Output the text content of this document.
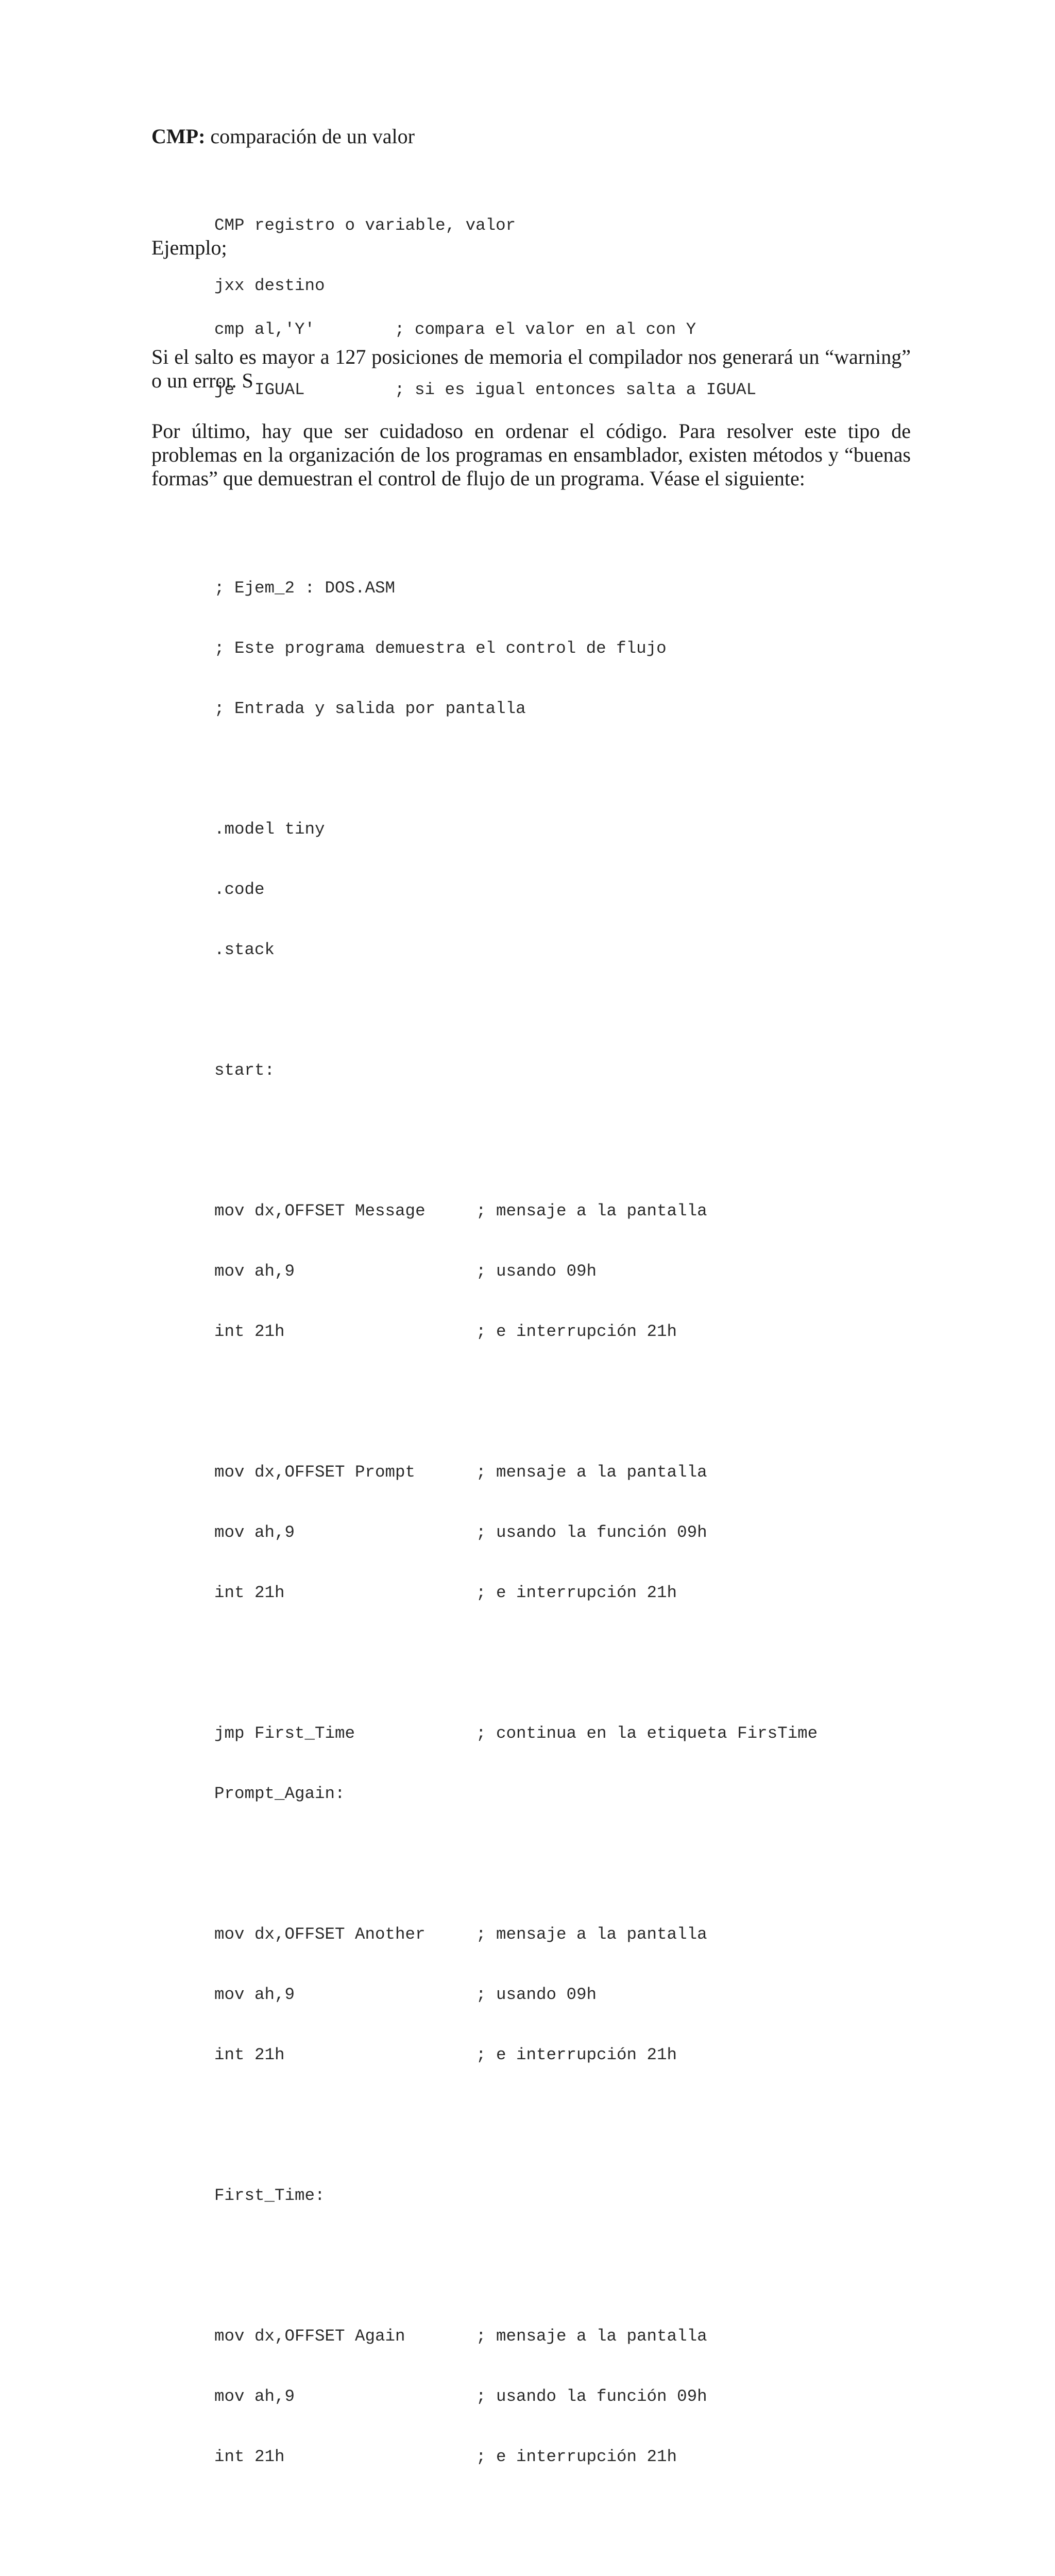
CMP: comparación de un valor

CMP registro o variable, valor

jxx destino

Ejemplo;

cmp al,'Y'	; compara el valor en al con Y

je  IGUAL	; si es igual entonces salta a IGUAL

Si el salto es mayor a 127 posiciones de memoria el compilador nos generará un “warning” o un error. S
Por último, hay que ser cuidadoso en ordenar el código. Para resolver este tipo de problemas en la organización de los programas en ensamblador, existen métodos y “buenas formas” que demuestran el control de flujo de un programa. Véase el siguiente:

; Ejem_2 : DOS.ASM

; Este programa demuestra el control de flujo

; Entrada y salida por pantalla

.model tiny

.code

.stack

start:

mov dx,OFFSET Message	; mensaje a la pantalla

mov ah,9	; usando 09h

int 21h	; e interrupción 21h

mov dx,OFFSET Prompt	; mensaje a la pantalla

mov ah,9	; usando la función 09h

int 21h	; e interrupción 21h

jmp First_Time	; continua en la etiqueta FirsTime

Prompt_Again:

mov dx,OFFSET Another	; mensaje a la pantalla

mov ah,9	; usando 09h

int 21h	; e interrupción 21h

First_Time:

mov dx,OFFSET Again	; mensaje a la pantalla

mov ah,9	; usando la función 09h

int 21h	; e interrupción 21h
